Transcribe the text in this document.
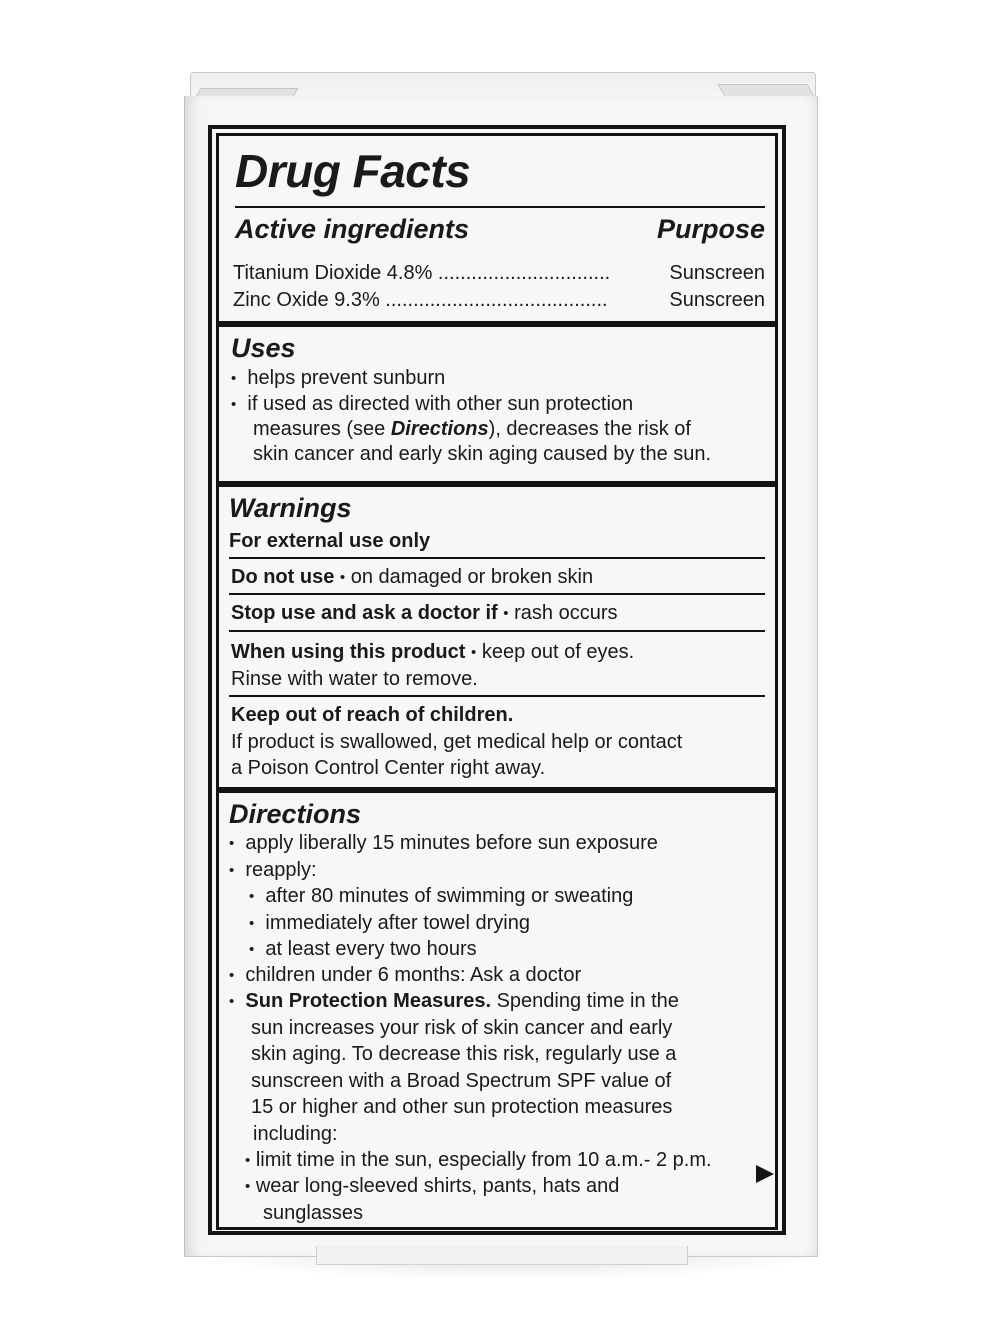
Drug Facts
Active ingredients	Purpose
Titanium Dioxide 4.8% ...............................	Sunscreen
Zinc Oxide 9.3% ........................................	Sunscreen
Uses
• helps prevent sunburn
• if used as directed with other sun protection
measures (see Directions), decreases the risk of
skin cancer and early skin aging caused by the sun.
Warnings
For external use only
Do not use • on damaged or broken skin
Stop use and ask a doctor if • rash occurs
When using this product • keep out of eyes.
Rinse with water to remove.
Keep out of reach of children.
If product is swallowed, get medical help or contact
a Poison Control Center right away.
Directions
• apply liberally 15 minutes before sun exposure
• reapply:
• after 80 minutes of swimming or sweating
• immediately after towel drying
• at least every two hours
• children under 6 months: Ask a doctor
• Sun Protection Measures. Spending time in the
sun increases your risk of skin cancer and early
skin aging. To decrease this risk, regularly use a
sunscreen with a Broad Spectrum SPF value of
15 or higher and other sun protection measures
including:
• limit time in the sun, especially from 10 a.m.- 2 p.m.
• wear long-sleeved shirts, pants, hats and
sunglasses
